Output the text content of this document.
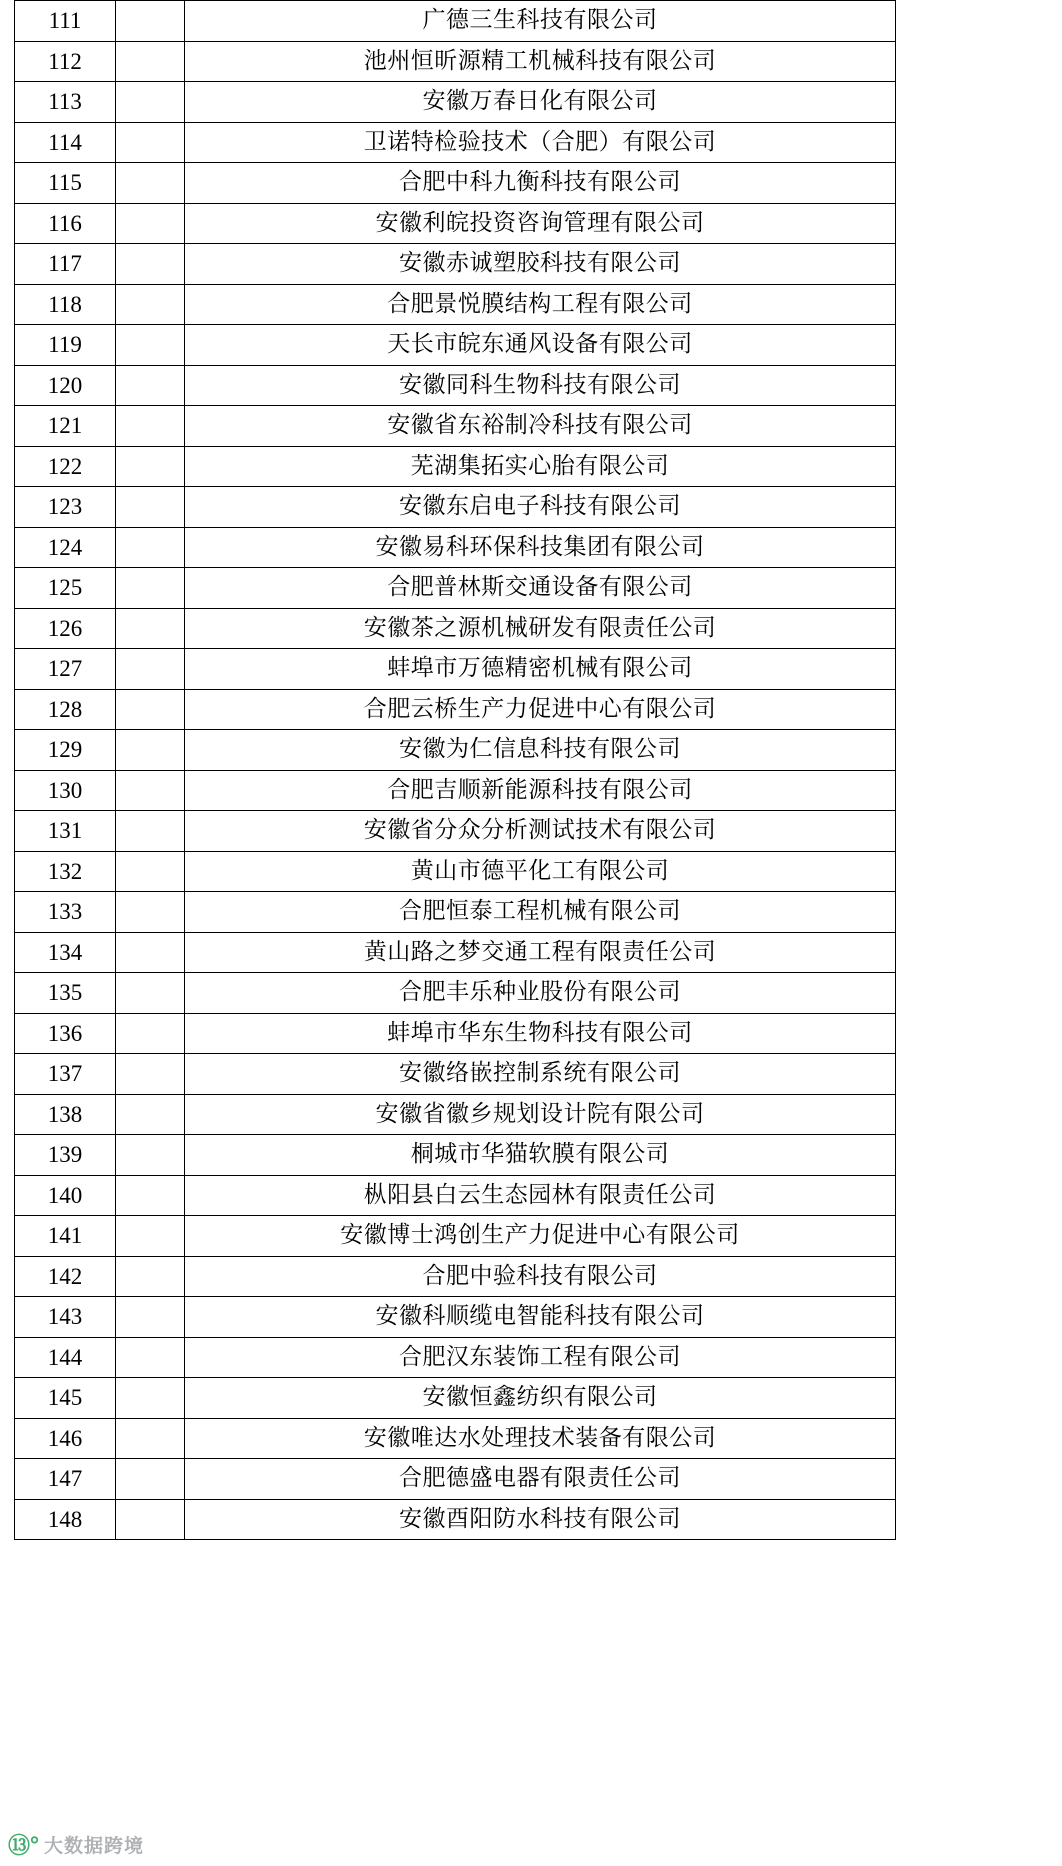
111		广德三生科技有限公司
112		池州恒昕源精工机械科技有限公司
113		安徽万春日化有限公司
114		卫诺特检验技术（合肥）有限公司
115		合肥中科九衡科技有限公司
116		安徽利皖投资咨询管理有限公司
117		安徽赤诚塑胶科技有限公司
118		合肥景悦膜结构工程有限公司
119		天长市皖东通风设备有限公司
120		安徽同科生物科技有限公司
121		安徽省东裕制冷科技有限公司
122		芜湖集拓实心胎有限公司
123		安徽东启电子科技有限公司
124		安徽易科环保科技集团有限公司
125		合肥普林斯交通设备有限公司
126		安徽茶之源机械研发有限责任公司
127		蚌埠市万德精密机械有限公司
128		合肥云桥生产力促进中心有限公司
129		安徽为仁信息科技有限公司
130		合肥吉顺新能源科技有限公司
131		安徽省分众分析测试技术有限公司
132		黄山市德平化工有限公司
133		合肥恒泰工程机械有限公司
134		黄山路之梦交通工程有限责任公司
135		合肥丰乐种业股份有限公司
136		蚌埠市华东生物科技有限公司
137		安徽络嵌控制系统有限公司
138		安徽省徽乡规划设计院有限公司
139		桐城市华猫软膜有限公司
140		枞阳县白云生态园林有限责任公司
141		安徽博士鸿创生产力促进中心有限公司
142		合肥中验科技有限公司
143		安徽科顺缆电智能科技有限公司
144		合肥汉东装饰工程有限公司
145		安徽恒鑫纺织有限公司
146		安徽唯达水处理技术装备有限公司
147		合肥德盛电器有限责任公司
148		安徽酉阳防水科技有限公司
⑬° 大数据跨境
